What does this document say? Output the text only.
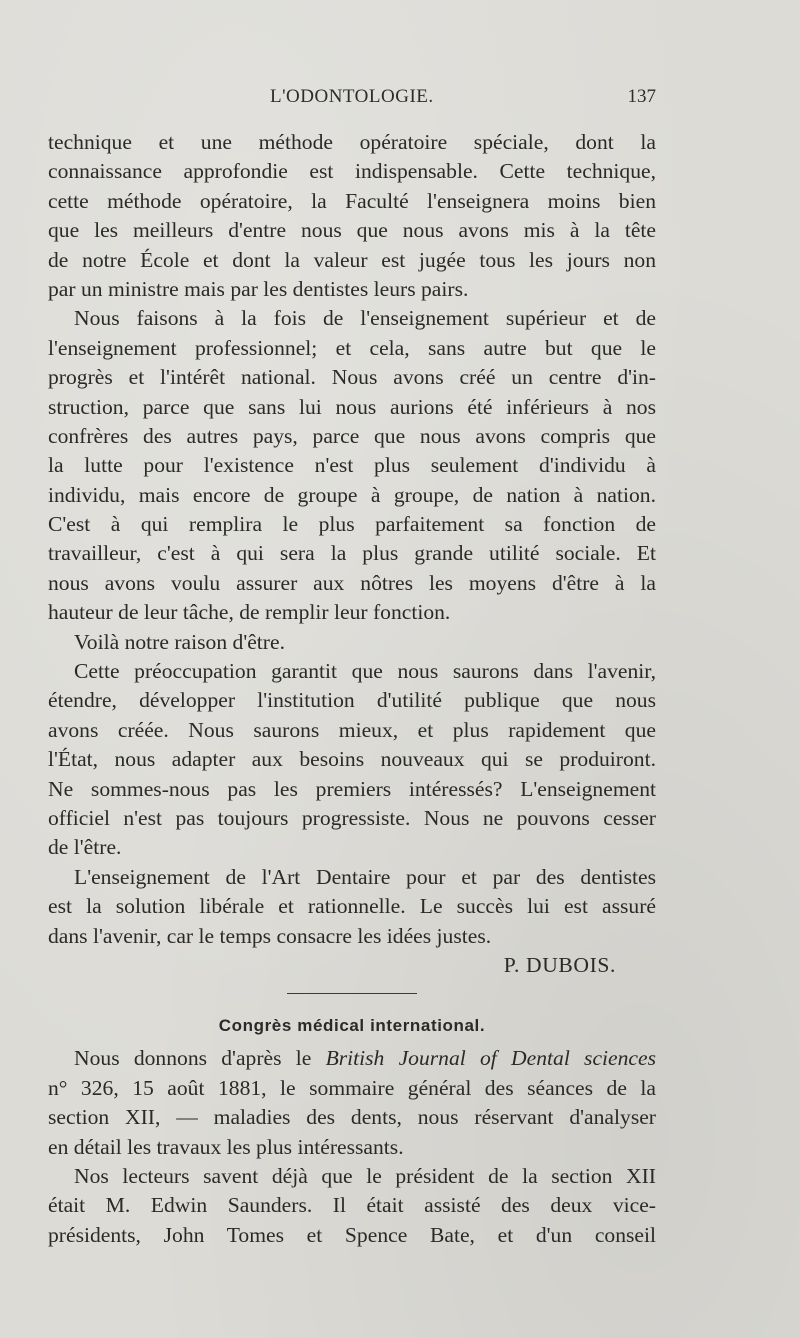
L'ODONTOLOGIE.	137
technique et une méthode opératoire spéciale, dont la
connaissance approfondie est indispensable. Cette technique,
cette méthode opératoire, la Faculté l'enseignera moins bien
que les meilleurs d'entre nous que nous avons mis à la tête
de notre École et dont la valeur est jugée tous les jours non
par un ministre mais par les dentistes leurs pairs.
Nous faisons à la fois de l'enseignement supérieur et de
l'enseignement professionnel; et cela, sans autre but que le
progrès et l'intérêt national. Nous avons créé un centre d'in-
struction, parce que sans lui nous aurions été inférieurs à nos
confrères des autres pays, parce que nous avons compris que
la lutte pour l'existence n'est plus seulement d'individu à
individu, mais encore de groupe à groupe, de nation à nation.
C'est à qui remplira le plus parfaitement sa fonction de
travailleur, c'est à qui sera la plus grande utilité sociale. Et
nous avons voulu assurer aux nôtres les moyens d'être à la
hauteur de leur tâche, de remplir leur fonction.
Voilà notre raison d'être.
Cette préoccupation garantit que nous saurons dans l'avenir,
étendre, développer l'institution d'utilité publique que nous
avons créée. Nous saurons mieux, et plus rapidement que
l'État, nous adapter aux besoins nouveaux qui se produiront.
Ne sommes-nous pas les premiers intéressés? L'enseignement
officiel n'est pas toujours progressiste. Nous ne pouvons cesser
de l'être.
L'enseignement de l'Art Dentaire pour et par des dentistes
est la solution libérale et rationnelle. Le succès lui est assuré
dans l'avenir, car le temps consacre les idées justes.
P. DUBOIS.
Congrès médical international.
Nous donnons d'après le British Journal of Dental sciences
n° 326, 15 août 1881, le sommaire général des séances de la
section XII, — maladies des dents, nous réservant d'analyser
en détail les travaux les plus intéressants.
Nos lecteurs savent déjà que le président de la section XII
était M. Edwin Saunders. Il était assisté des deux vice-
présidents, John Tomes et Spence Bate, et d'un conseil
